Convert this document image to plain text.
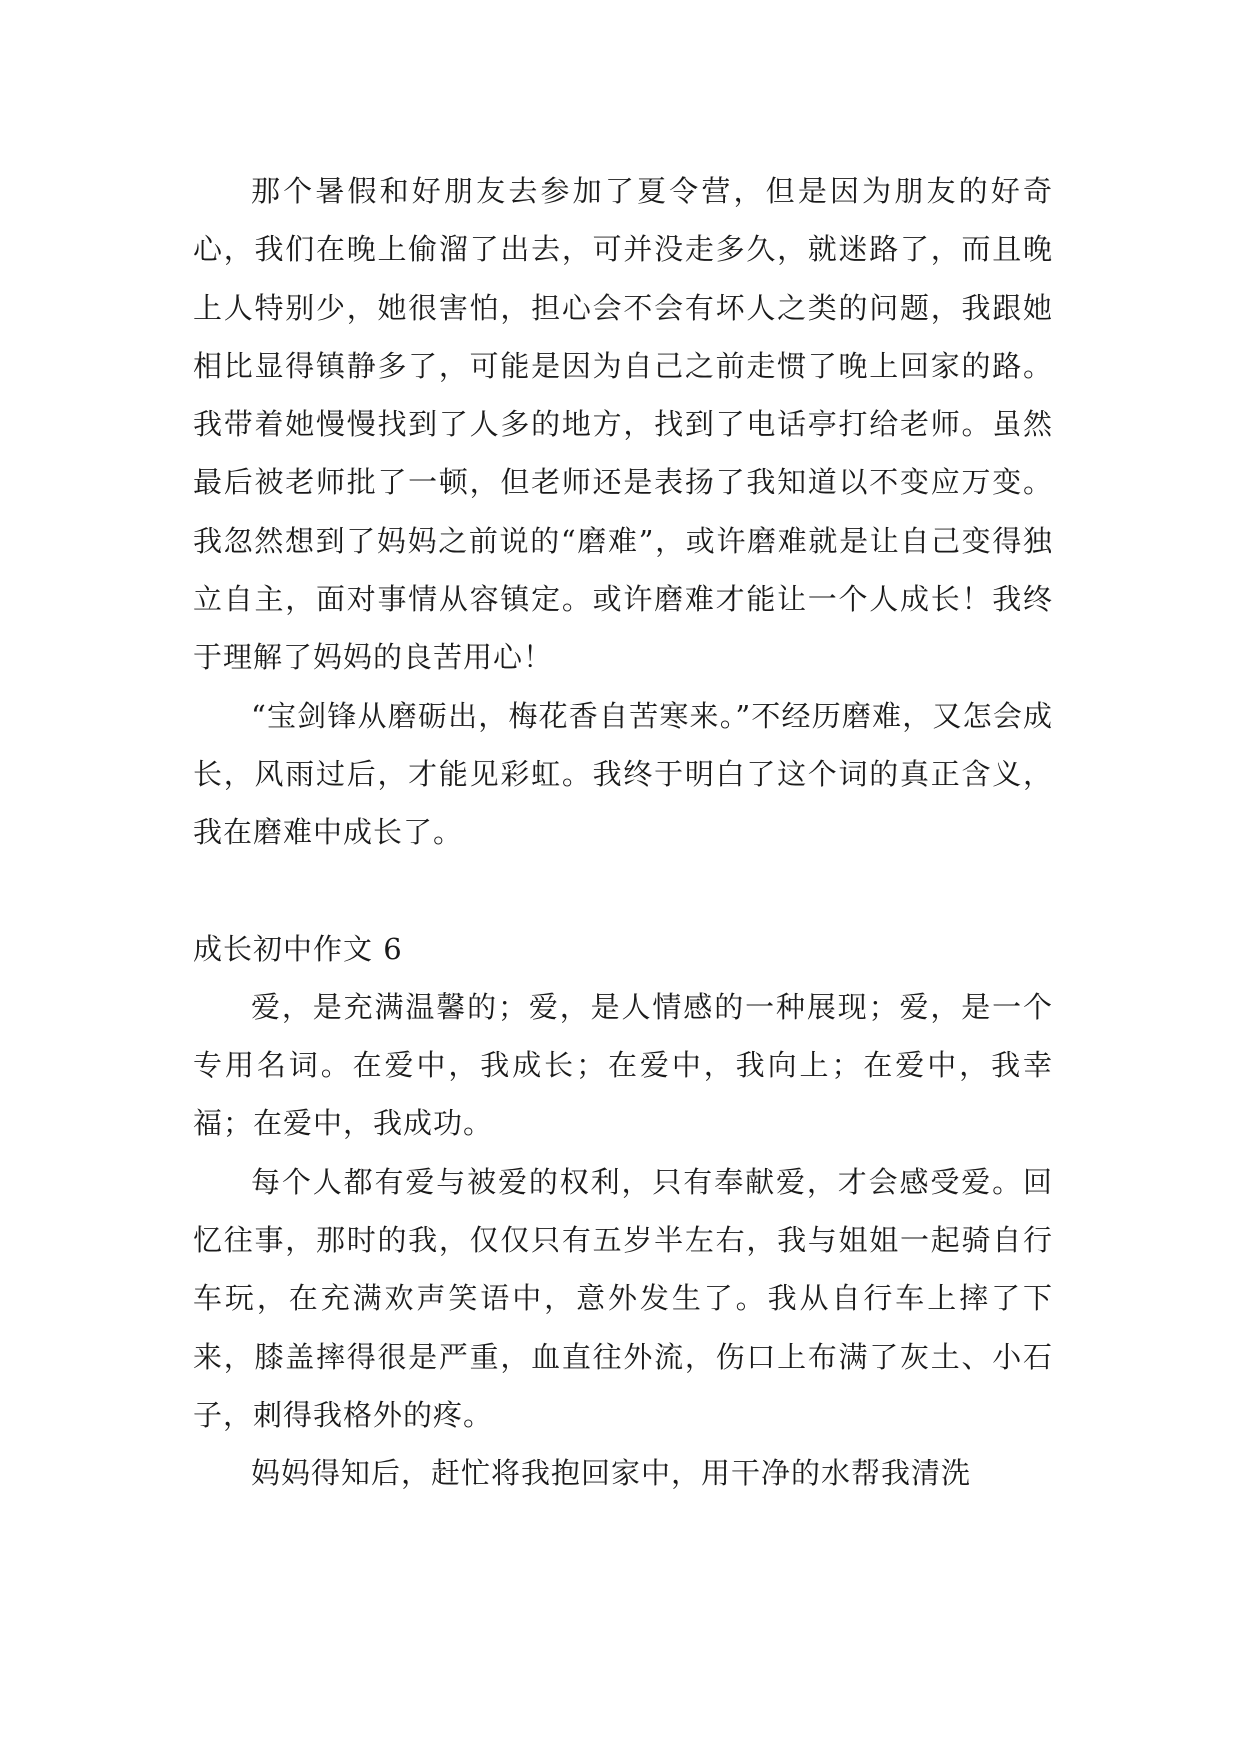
那个暑假和好朋友去参加了夏令营，但是因为朋友的好奇心，我们在晚上偷溜了出去，可并没走多久，就迷路了，而且晚上人特别少，她很害怕，担心会不会有坏人之类的问题，我跟她相比显得镇静多了，可能是因为自己之前走惯了晚上回家的路。我带着她慢慢找到了人多的地方，找到了电话亭打给老师。虽然最后被老师批了一顿，但老师还是表扬了我知道以不变应万变。我忽然想到了妈妈之前说的“磨难”，或许磨难就是让自己变得独立自主，面对事情从容镇定。或许磨难才能让一个人成长！我终于理解了妈妈的良苦用心！

“宝剑锋从磨砺出，梅花香自苦寒来。”不经历磨难，又怎会成长，风雨过后，才能见彩虹。我终于明白了这个词的真正含义，我在磨难中成长了。

成长初中作文 6

爱，是充满温馨的；爱，是人情感的一种展现；爱，是一个专用名词。在爱中，我成长；在爱中，我向上；在爱中，我幸福；在爱中，我成功。

每个人都有爱与被爱的权利，只有奉献爱，才会感受爱。回忆往事，那时的我，仅仅只有五岁半左右，我与姐姐一起骑自行车玩，在充满欢声笑语中，意外发生了。我从自行车上摔了下来，膝盖摔得很是严重，血直往外流，伤口上布满了灰土、小石子，刺得我格外的疼。

妈妈得知后，赶忙将我抱回家中，用干净的水帮我清洗
